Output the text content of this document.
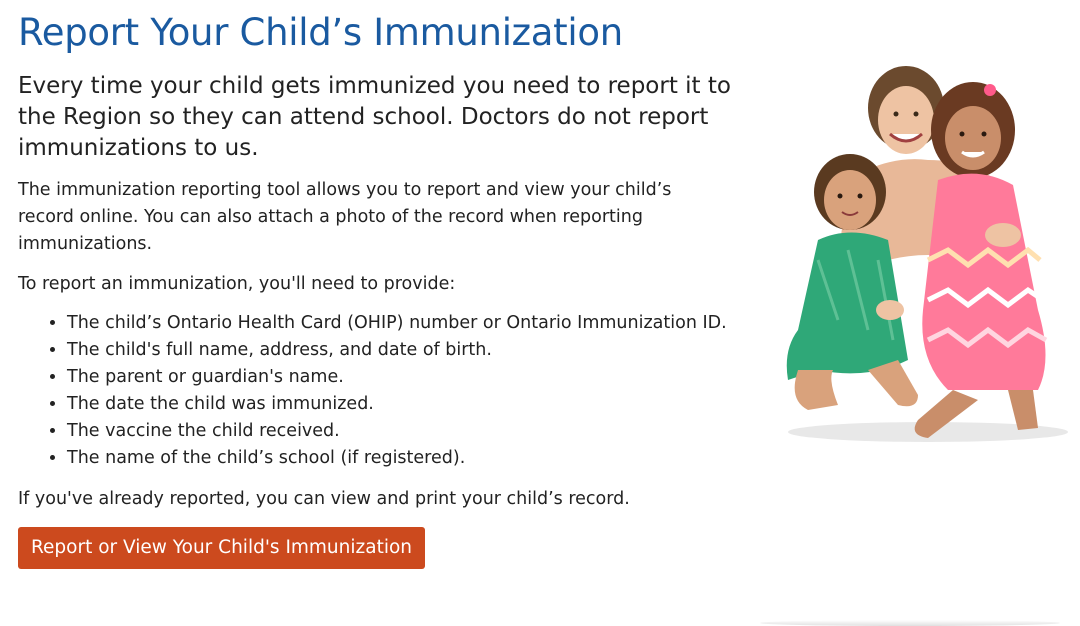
Report Your Child’s Immunization

Every time your child gets immunized you need to report it to the Region so they can attend school. Doctors do not report immunizations to us.

The immunization reporting tool allows you to report and view your child’s record online. You can also attach a photo of the record when reporting immunizations.

To report an immunization, you'll need to provide:

• The child’s Ontario Health Card (OHIP) number or Ontario Immunization ID.
• The child's full name, address, and date of birth.
• The parent or guardian's name.
• The date the child was immunized.
• The vaccine the child received.
• The name of the child’s school (if registered).

If you've already reported, you can view and print your child’s record.

Report or View Your Child's Immunization
